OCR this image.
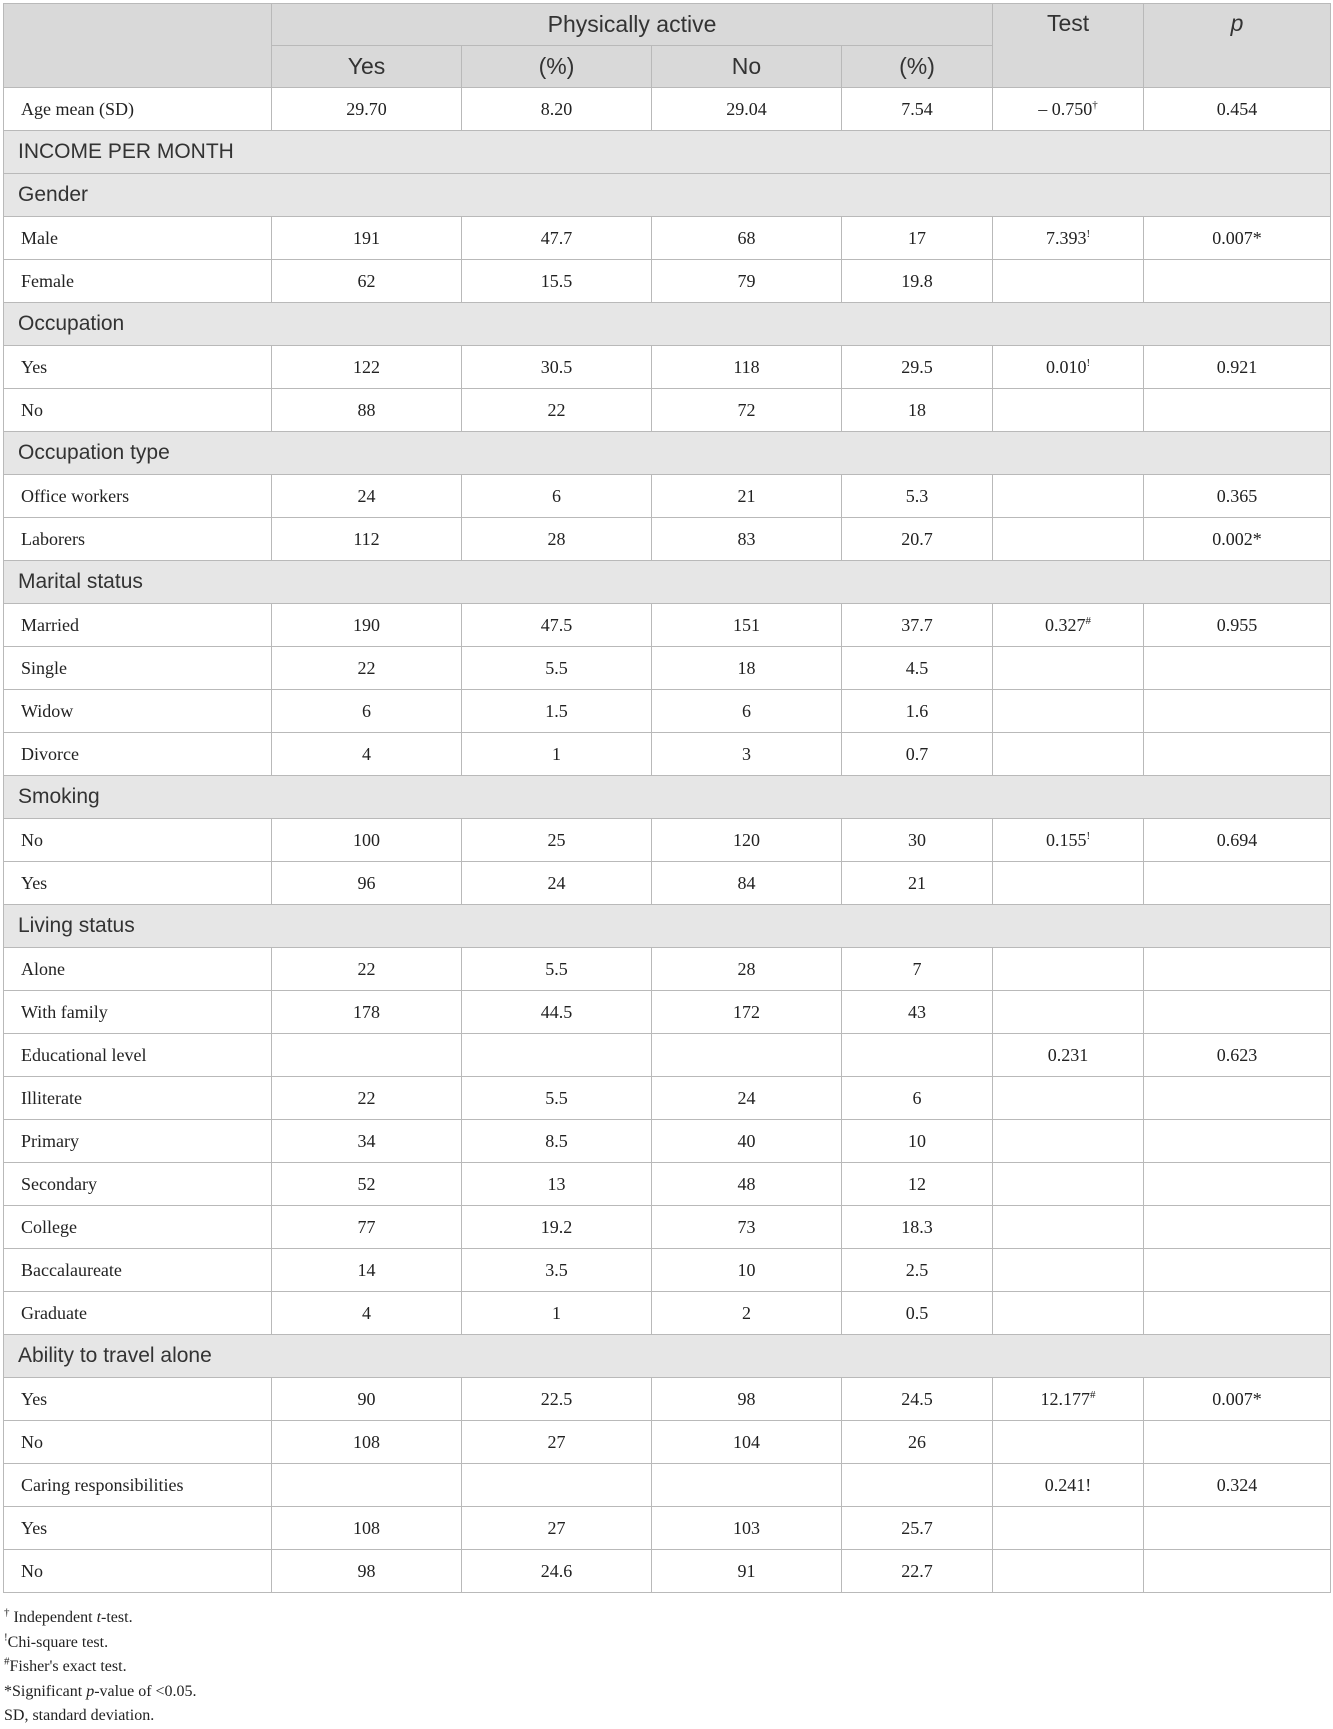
	Physically active				Test	p
	Yes	(%)	No	(%)		
Age mean (SD)	29.70	8.20	29.04	7.54	– 0.750†	0.454
INCOME PER MONTH						
Gender						
Male	191	47.7	68	17	$7.393^ǃ$	0.007*
Female	62	15.5	79	19.8		
Occupation						
Yes	122	30.5	118	29.5	$0.010^ǃ$	0.921
No	88	22	72	18		
Occupation type						
Office workers	24	6	21	5.3		0.365
Laborers	112	28	83	20.7		0.002*
Marital status						
Married	190	47.5	151	37.7	0.327#	0.955
Single	22	5.5	18	4.5		
Widow	6	1.5	6	1.6		
Divorce	4	1	3	0.7		
Smoking						
No	100	25	120	30	$0.155^ǃ$	0.694
Yes	96	24	84	21		
Living status						
Alone	22	5.5	28	7		
With family	178	44.5	172	43		
Educational level					0.231	0.623
Illiterate	22	5.5	24	6		
Primary	34	8.5	40	10		
Secondary	52	13	48	12		
College	77	19.2	73	18.3		
Baccalaureate	14	3.5	10	2.5		
Graduate	4	1	2	0.5		
Ability to travel alone						
Yes	90	22.5	98	24.5	12.177#	0.007*
No	108	27	104	26		
Caring responsibilities					0.241!	0.324
Yes	108	27	103	25.7		
No	98	24.6	91	22.7		
† Independent t-test.
$^ǃ$Chi-square test.
#Fisher's exact test.
*Significant p-value of <0.05.
SD, standard deviation.
